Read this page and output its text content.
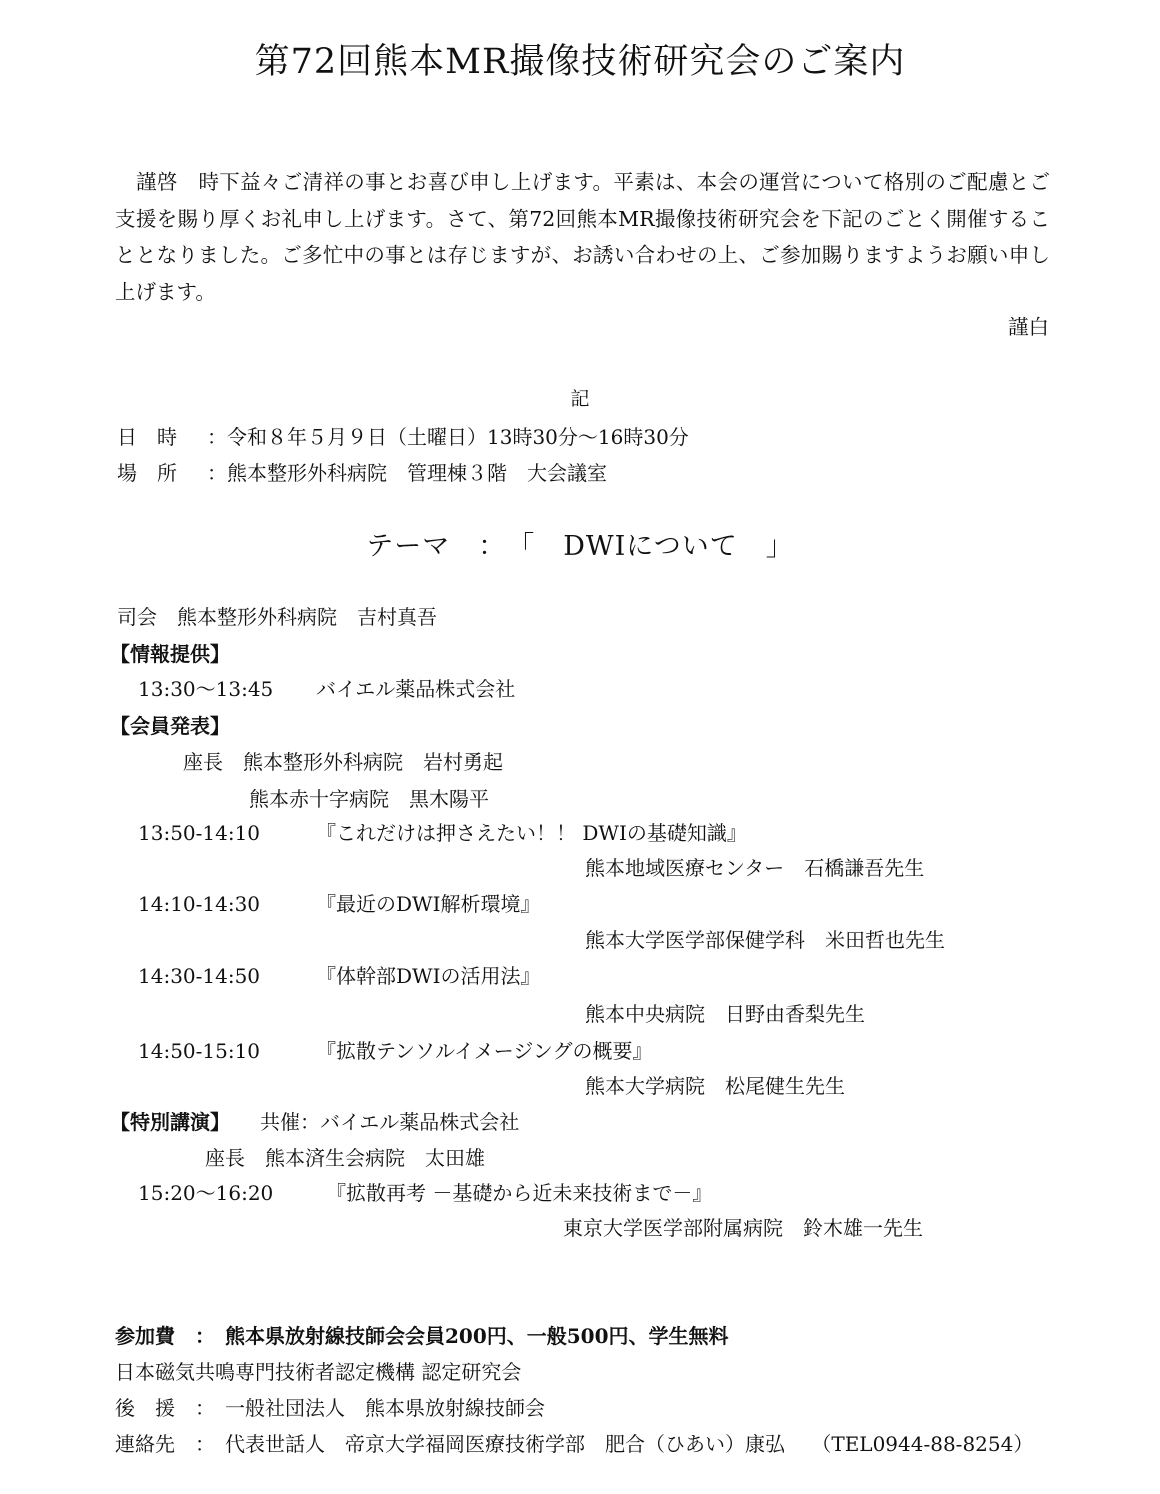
第72回熊本MR撮像技術研究会のご案内
謹啓　時下益々ご清祥の事とお喜び申し上げます。平素は、本会の運営について格別のご配慮とご支援を賜り厚くお礼申し上げます。さて、第72回熊本MR撮像技術研究会を下記のごとく開催することとなりました。ご多忙中の事とは存じますが、お誘い合わせの上、ご参加賜りますようお願い申し上げます。
謹白
記
日　時 ：令和８年５月９日（土曜日）13時30分～16時30分
場　所 ：熊本整形外科病院　管理棟３階　大会議室
テーマ　：　「　DWIについて　」
司会　熊本整形外科病院　吉村真吾
【情報提供】
13:30～13:45 バイエル薬品株式会社
【会員発表】
座長　熊本整形外科病院　岩村勇起
熊本赤十字病院　黒木陽平
13:50-14:10	『これだけは押さえたい！！ DWIの基礎知識』
熊本地域医療センター　石橋謙吾先生
14:10-14:30	『最近のDWI解析環境』
熊本大学医学部保健学科　米田哲也先生
14:30-14:50	『体幹部DWIの活用法』
熊本中央病院　日野由香梨先生
14:50-15:10	『拡散テンソルイメージングの概要』
熊本大学病院　松尾健生先生
【特別講演】 共催：バイエル薬品株式会社
座長　熊本済生会病院　太田雄
15:20～16:20	『拡散再考 －基礎から近未来技術まで－』
東京大学医学部附属病院　鈴木雄一先生
参加費　：　熊本県放射線技師会会員200円、一般500円、学生無料
日本磁気共鳴専門技術者認定機構 認定研究会
後　援　：　一般社団法人　熊本県放射線技師会
連絡先　：　代表世話人　帝京大学福岡医療技術学部　肥合（ひあい）康弘　 （TEL0944-88-8254）
